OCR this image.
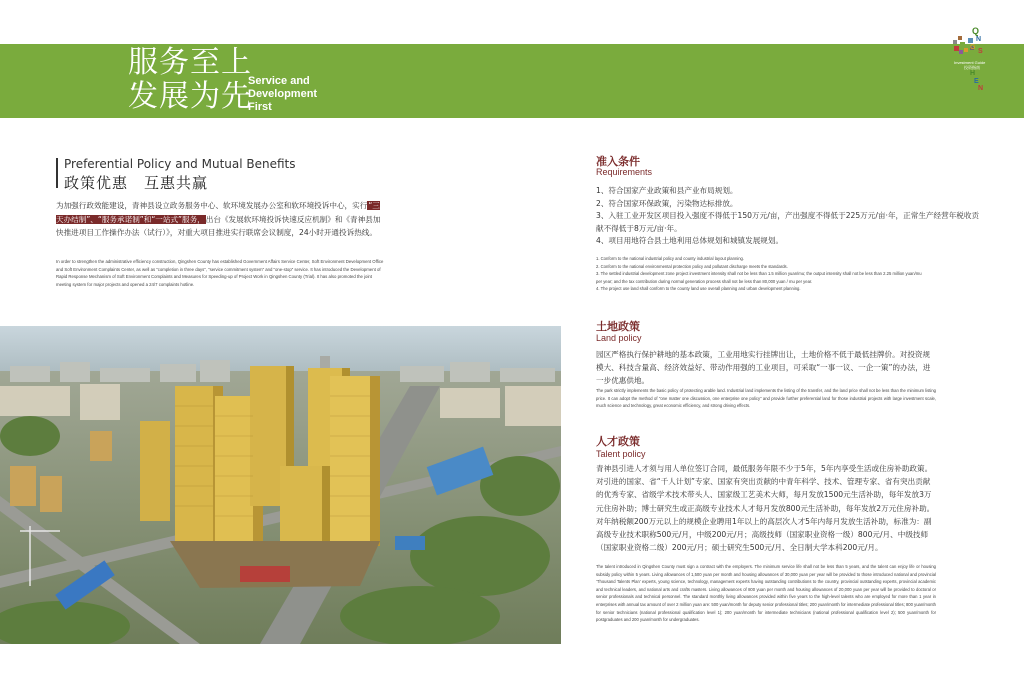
服务至上
发展为先
Service and
Development
First
Q
N
G
S
Investment Guide
投资指南
H
E
N
Preferential Policy and Mutual Benefits
政策优惠　互惠共赢
为加强行政效能建设，青神县设立政务服务中心、软环境发展办公室和软环境投诉中心，实行“三天办结制”、“服务承诺制”和“一站式”服务，出台《发展软环境投诉快速反应机制》和《青神县加快推进项目工作操作办法（试行）》，对重大项目推进实行联席会议制度，24小时开通投诉热线。
In order to strengthen the administrative efficiency construction, Qingshen County has established Government Affairs Service Center, Soft Environment Development Office and Soft Environment Complaints Center, as well as “completion in three days”, “service commitment system” and “one-stop” service. It has introduced the Development of Rapid Response Mechanism of Soft Environment Complaints and Measures for Speeding-up of Project Work in Qingshen County (Trial). It has also promoted the joint meeting system for major projects and opened a 24/7 complaints hotline.
准入条件
Requirements
1、符合国家产业政策和县产业布局规划。
2、符合国家环保政策，污染物达标排放。
3、入驻工业开发区项目投入强度不得低于150万元/亩，产出强度不得低于225万元/亩·年，正常生产经营年税收贡献不得低于8万元/亩·年。
4、项目用地符合县土地利用总体规划和城镇发展规划。
1. Conform to the national industrial policy and county industrial layout planning.
2. Conform to the national environmental protection policy and pollutant discharge meets the standards.
3. The settled industrial development zone project investment intensity shall not be less than 1.5 million yuan/mu; the output intensity shall not be less than 2.25 million yuan/mu per year; and the tax contribution during normal generation process shall not be less than 80,000 yuan / mu per year.
4. The project use land shall conform to the county land use overall planning and urban development planning.
土地政策
Land policy
园区严格执行保护耕地的基本政策，工业用地实行挂牌出让，土地价格不低于最低挂牌价。对投资规模大、科技含量高、经济效益好、带动作用强的工业项目，可采取“一事一议、一企一策”的办法，进一步优惠供地。
The park strictly implements the basic policy of protecting arable land. Industrial land implements the listing of the transfer, and the land price shall not be less than the minimum listing price. It can adopt the method of “one matter one discussion, one enterprise one policy” and provide further preferential land for those industrial projects with large investment scale, much science and technology, great economic efficiency, and strong driving effects.
人才政策
Talent policy
青神县引进人才须与用人单位签订合同，最低服务年限不少于5年，5年内享受生活或住房补助政策。对引进的国家、省“千人计划”专家、国家有突出贡献的中青年科学、技术、管理专家、省有突出贡献的优秀专家、省级学术技术带头人、国家级工艺美术大师，每月发放1500元生活补助，每年发放3万元住房补助；博士研究生或正高级专业技术人才每月发放800元生活补助，每年发放2万元住房补助。对年纳税额200万元以上的规模企业聘用1年以上的高层次人才5年内每月发放生活补助，标准为：副高级专业技术职称500元/月，中级200元/月；高级技师（国家职业资格一级）800元/月、中级技师（国家职业资格二级）200元/月；硕士研究生500元/月、全日制大学本科200元/月。
The talent introduced in Qingshen County must sign a contract with the employers. The minimum service life shall not be less than 5 years, and the talent can enjoy life or housing subsidy policy within 5 years. Living allowances of 1,500 yuan per month and housing allowances of 30,000 yuan per year will be provided to those introduced national and provincial ‘Thousand Talents Plan’ experts, young science, technology, management experts having outstanding contributions to the country, provincial outstanding experts, provincial academic and technical leaders, and national arts and crafts masters. Living allowances of 800 yuan per month and housing allowances of 20,000 yuan per year will be provided to doctoral or senior professionals and technical personnel. The standard monthly living allowances provided within five years to the high-level talents who are employed for more than 1 year in enterprises with annual tax amount of over 2 million yuan are: 500 yuan/month for deputy senior professional titles; 200 yuan/month for intermediate professional titles; 800 yuan/month for senior technicians (national professional qualification level 1); 200 yuan/month for intermediate technicians (national professional qualification level 2); 500 yuan/month for postgraduates and 200 yuan/month for undergraduates.
